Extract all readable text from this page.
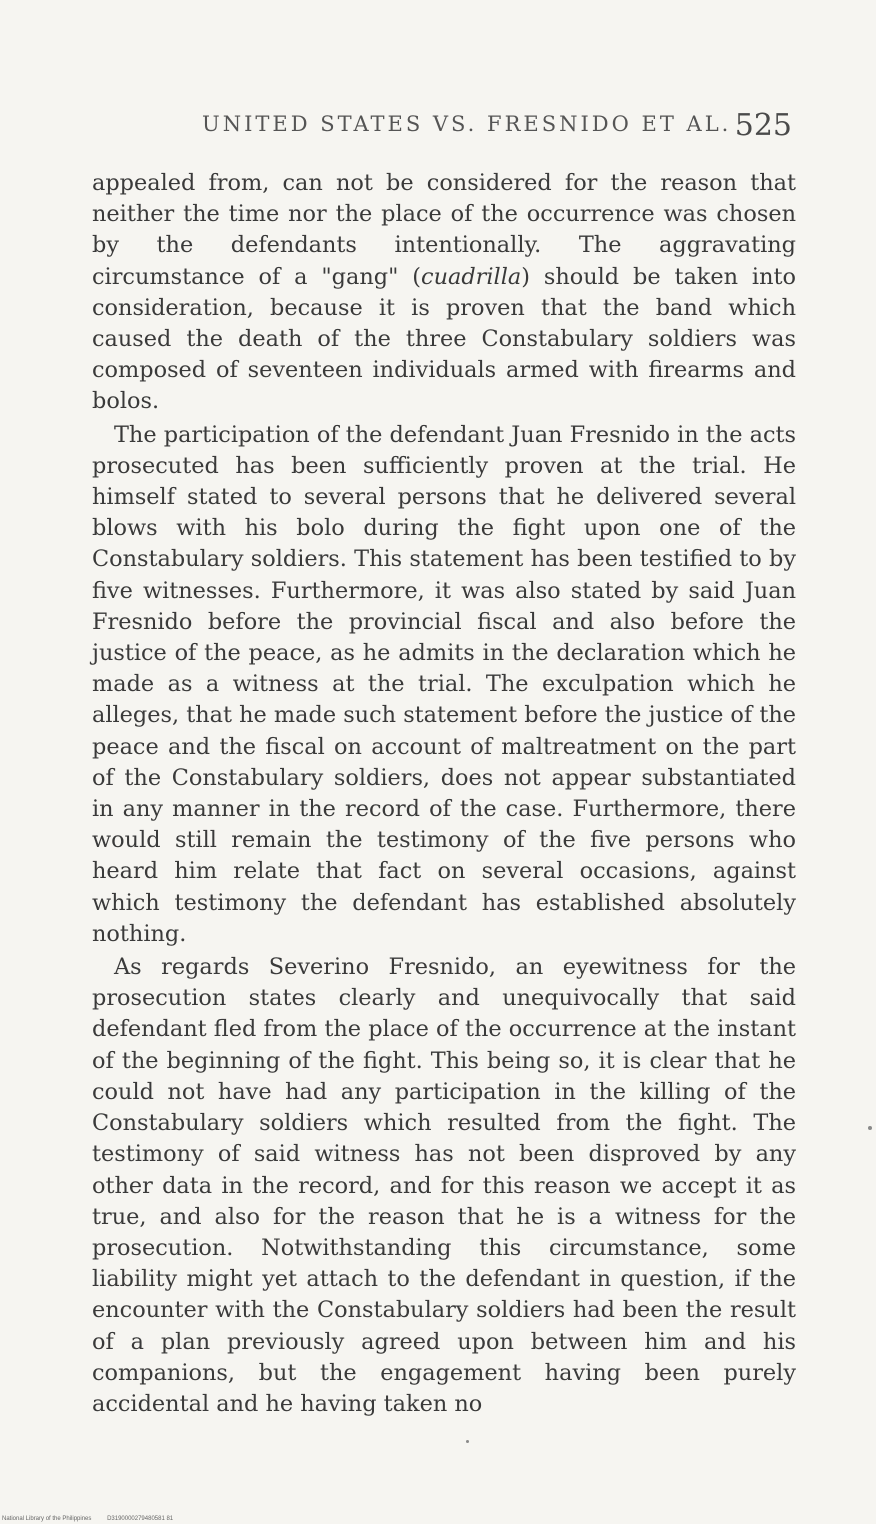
UNITED STATES VS. FRESNIDO ET AL. 525

appealed from, can not be considered for the reason that neither the time nor the place of the occurrence was chosen by the defendants intentionally. The aggravating circumstance of a "gang" (cuadrilla) should be taken into consideration, because it is proven that the band which caused the death of the three Constabulary soldiers was composed of seventeen individuals armed with firearms and bolos.

The participation of the defendant Juan Fresnido in the acts prosecuted has been sufficiently proven at the trial. He himself stated to several persons that he delivered several blows with his bolo during the fight upon one of the Constabulary soldiers. This statement has been testified to by five witnesses. Furthermore, it was also stated by said Juan Fresnido before the provincial fiscal and also before the justice of the peace, as he admits in the declaration which he made as a witness at the trial. The exculpation which he alleges, that he made such statement before the justice of the peace and the fiscal on account of maltreatment on the part of the Constabulary soldiers, does not appear substantiated in any manner in the record of the case. Furthermore, there would still remain the testimony of the five persons who heard him relate that fact on several occasions, against which testimony the defendant has established absolutely nothing.

As regards Severino Fresnido, an eyewitness for the prosecution states clearly and unequivocally that said defendant fled from the place of the occurrence at the instant of the beginning of the fight. This being so, it is clear that he could not have had any participation in the killing of the Constabulary soldiers which resulted from the fight. The testimony of said witness has not been disproved by any other data in the record, and for this reason we accept it as true, and also for the reason that he is a witness for the prosecution. Notwithstanding this circumstance, some liability might yet attach to the defendant in question, if the encounter with the Constabulary soldiers had been the result of a plan previously agreed upon between him and his companions, but the engagement having been purely accidental and he having taken no

National Library of the Philippines	D3190000279480581 81
